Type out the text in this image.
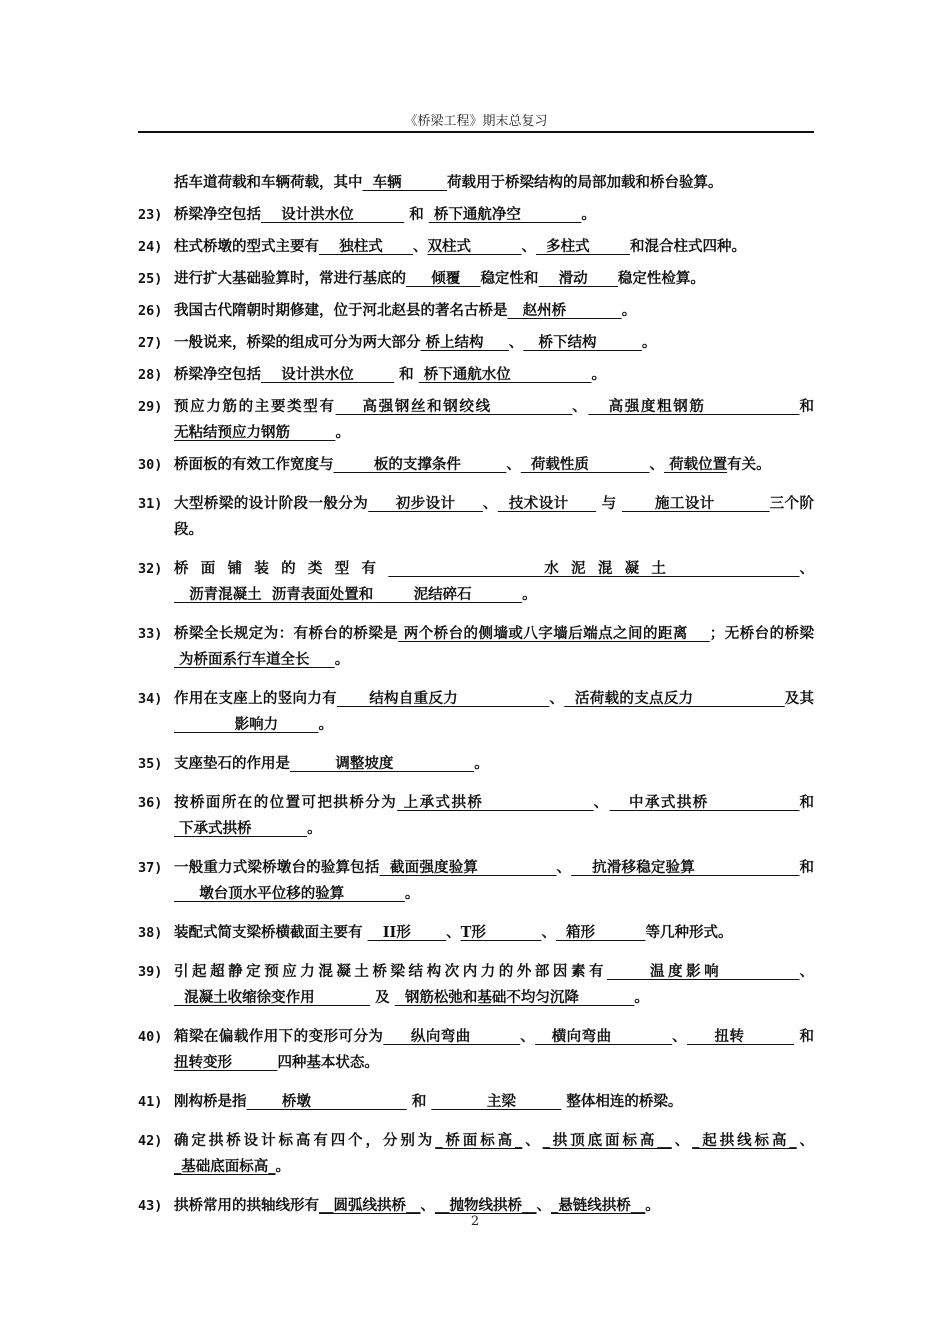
《桥梁工程》期末总复习
括车道荷载和车辆荷载，其中  车辆         荷载用于桥梁结构的局部加载和桥台验算。
23) 桥梁净空包括    设计洪水位           和  桥下通航净空            。
24) 柱式桥墩的型式主要有    独柱式      、双柱式          、  多柱式        和混合柱式四种。
25) 进行扩大基础验算时，常进行基底的     倾覆    稳定性和    滑动      稳定性检算。
26) 我国古代隋朝时期修建，位于河北赵县的著名古桥是   赵州桥           。
27) 一般说来，桥梁的组成可分为两大部分 桥上结构     、   桥下结构         。
28) 桥梁净空包括    设计洪水位         和  桥下通航水位                。
29) 预应力筋的主要类型有    高强钢丝和钢绞线            、   高强度粗钢筋              和无粘结预应力钢筋         。
30) 桥面板的有效工作宽度与        板的支撑条件         、  荷载性质            、 荷载位置有关。
31) 大型桥梁的设计阶段一般分为     初步设计     、  技术设计      与       施工设计          三个阶段。
32) 桥面铺装的类型有         水泥混凝土       、   沥青混凝土  沥青表面处置和        泥结碎石          。
33) 桥梁全长规定为：有桥台的桥梁是 两个桥台的侧墙或八字墙后端点之间的距离    ；无桥台的桥梁 为桥面系行车道全长     。
34) 作用在支座上的竖向力有      结构自重反力                 、  活荷载的支点反力                 及其            影响力        。
35) 支座垫石的作用是         调整坡度                。
36) 按桥面所在的位置可把拱桥分为 上承式拱桥                 、   中承式拱桥              和 下承式拱桥           。
37) 一般重力式梁桥墩台的验算包括  截面强度验算               、    抗滑移稳定验算                    和     墩台顶水平位移的验算            。
38) 装配式简支梁桥横截面主要有    ΙΙ形       、T形           、  箱形          等几种形式。
39) 引起超静定预应力混凝土桥梁结构次内力的外部因素有     温度影响         、  混凝土收缩徐变作用            及   钢筋松弛和基础不均匀沉降           。
40) 箱梁在偏载作用下的变形可分为     纵向弯曲         、   横向弯曲           、     扭转          和 扭转变形         四种基本状态。
41) 刚构桥是指       桥墩                    和            主梁          整体相连的桥梁。
42) 确定拱桥设计标高有四个，分别为_桥面标高_、_拱顶底面标高__、_起拱线标高_、_基础底面标高_。
43) 拱桥常用的拱轴线形有__圆弧线拱桥__、__抛物线拱桥__、_悬链线拱桥__。
2
